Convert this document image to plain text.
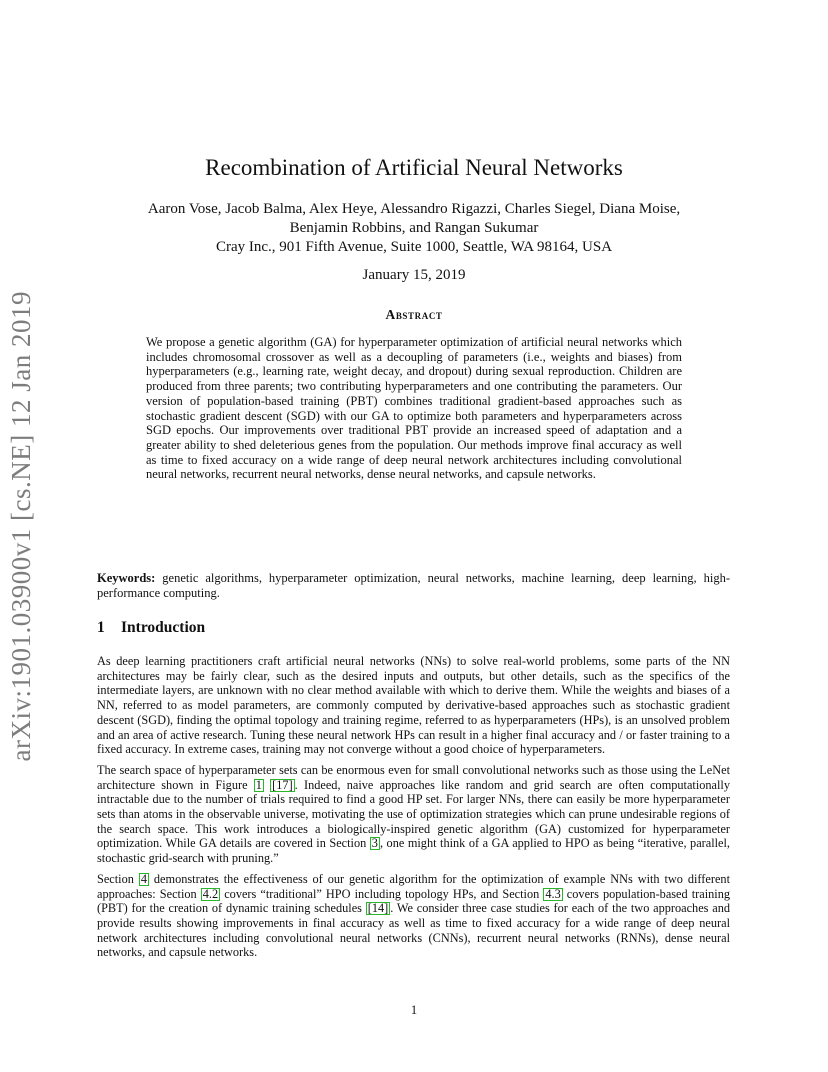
arXiv:1901.03900v1 [cs.NE] 12 Jan 2019
Recombination of Artificial Neural Networks
Aaron Vose, Jacob Balma, Alex Heye, Alessandro Rigazzi, Charles Siegel, Diana Moise,
Benjamin Robbins, and Rangan Sukumar
Cray Inc., 901 Fifth Avenue, Suite 1000, Seattle, WA 98164, USA
January 15, 2019
Abstract
We propose a genetic algorithm (GA) for hyperparameter optimization of artificial neural networks which includes chromosomal crossover as well as a decoupling of parameters (i.e., weights and biases) from hyperparameters (e.g., learning rate, weight decay, and dropout) during sexual reproduction. Children are produced from three parents; two contributing hyperparameters and one contributing the parameters. Our version of population-based training (PBT) combines traditional gradient-based approaches such as stochastic gradient descent (SGD) with our GA to optimize both parameters and hyperparameters across SGD epochs. Our improvements over traditional PBT provide an increased speed of adaptation and a greater ability to shed deleterious genes from the population. Our methods improve final accuracy as well as time to fixed accuracy on a wide range of deep neural network architectures including convolutional neural networks, recurrent neural networks, dense neural networks, and capsule networks.
Keywords: genetic algorithms, hyperparameter optimization, neural networks, machine learning, deep learning, high-performance computing.
1 Introduction

As deep learning practitioners craft artificial neural networks (NNs) to solve real-world problems, some parts of the NN architectures may be fairly clear, such as the desired inputs and outputs, but other details, such as the specifics of the intermediate layers, are unknown with no clear method available with which to derive them. While the weights and biases of a NN, referred to as model parameters, are commonly computed by derivative-based approaches such as stochastic gradient descent (SGD), finding the optimal topology and training regime, referred to as hyperparameters (HPs), is an unsolved problem and an area of active research. Tuning these neural network HPs can result in a higher final accuracy and / or faster training to a fixed accuracy. In extreme cases, training may not converge without a good choice of hyperparameters.

The search space of hyperparameter sets can be enormous even for small convolutional networks such as those using the LeNet architecture shown in Figure 1 [17] . Indeed, naive approaches like random and grid search are often computationally intractable due to the number of trials required to find a good HP set. For larger NNs, there can easily be more hyperparameter sets than atoms in the observable universe, motivating the use of optimization strategies which can prune undesirable regions of the search space. This work introduces a biologically-inspired genetic algorithm (GA) customized for hyperparameter optimization. While GA details are covered in Section 3 , one might think of a GA applied to HPO as being “iterative, parallel, stochastic grid-search with pruning.”

Section 4 demonstrates the effectiveness of our genetic algorithm for the optimization of example NNs with two different approaches: Section 4.2 covers “traditional” HPO including topology HPs, and Section 4.3 covers population-based training (PBT) for the creation of dynamic training schedules [14] . We consider three case studies for each of the two approaches and provide results showing improvements in final accuracy as well as time to fixed accuracy for a wide range of deep neural network architectures including convolutional neural networks (CNNs), recurrent neural networks (RNNs), dense neural networks, and capsule networks.

1
